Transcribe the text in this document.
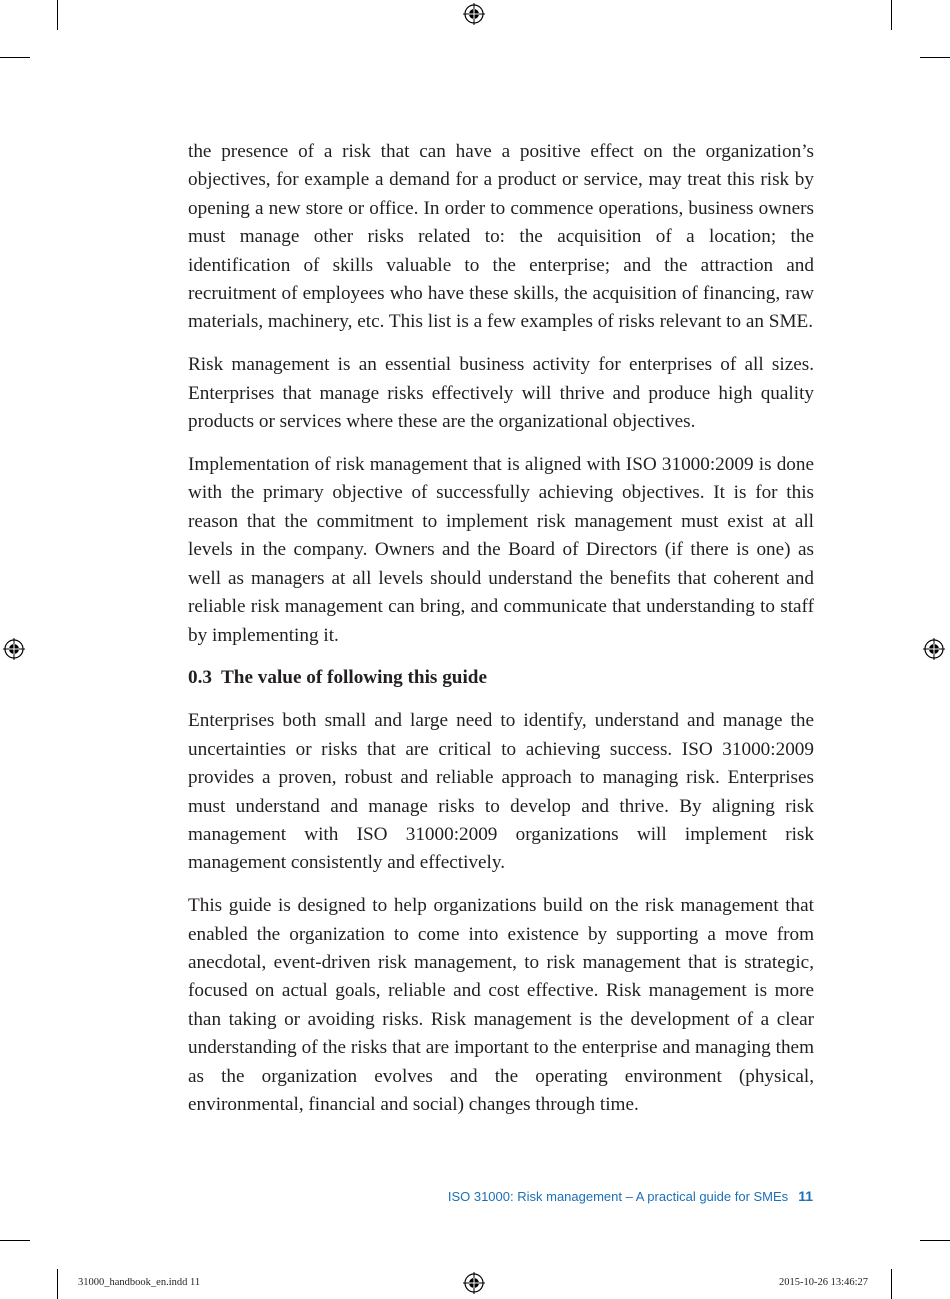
the presence of a risk that can have a positive effect on the organization’s objectives, for example a demand for a product or service, may treat this risk by opening a new store or office. In order to commence operations, business owners must manage other risks related to: the acquisition of a location; the identification of skills valuable to the enterprise; and the attraction and recruitment of employees who have these skills, the acquisition of financing, raw materials, machinery, etc. This list is a few examples of risks relevant to an SME.

Risk management is an essential business activity for enterprises of all sizes. Enterprises that manage risks effectively will thrive and produce high quality products or services where these are the organizational objectives.

Implementation of risk management that is aligned with ISO 31000:2009 is done with the primary objective of successfully achieving objectives. It is for this reason that the commitment to implement risk management must exist at all levels in the company. Owners and the Board of Directors (if there is one) as well as managers at all levels should understand the benefits that coherent and reliable risk management can bring, and communicate that understanding to staff by implementing it.

0.3 The value of following this guide

Enterprises both small and large need to identify, understand and manage the uncertainties or risks that are critical to achieving success. ISO 31000:2009 provides a proven, robust and reliable approach to managing risk. Enterprises must understand and manage risks to develop and thrive. By aligning risk management with ISO 31000:2009 organizations will implement risk management consistently and effectively.

This guide is designed to help organizations build on the risk management that enabled the organization to come into existence by supporting a move from anecdotal, event-driven risk management, to risk management that is strategic, focused on actual goals, reliable and cost effective. Risk management is more than taking or avoiding risks. Risk management is the development of a clear understanding of the risks that are important to the enterprise and managing them as the organization evolves and the operating environment (physical, environmental, financial and social) changes through time.

ISO 31000: Risk management – A practical guide for SMEs 11
31000_handbook_en.indd 11	2015-10-26 13:46:27
